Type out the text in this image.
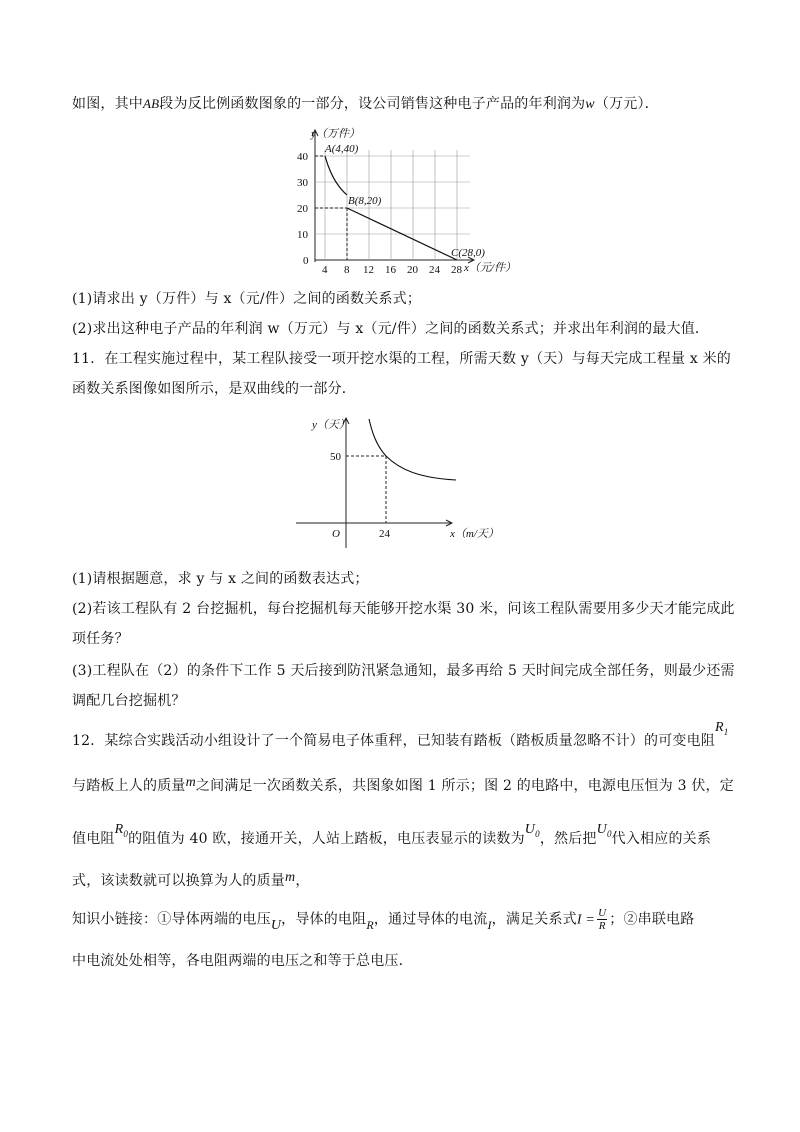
如图，其中AB段为反比例函数图象的一部分，设公司销售这种电子产品的年利润为w（万元）．
y（万件）
x（元/件）
0
40
30
20
10
4 8 12 16 20 24 28
A(4,40)
B(8,20)
C(28,0)
y（天）
50
O	24	x（m/天）
(1)请求出 y（万件）与 x（元/件）之间的函数关系式；
(2)求出这种电子产品的年利润 w（万元）与 x（元/件）之间的函数关系式；并求出年利润的最大值．
11．在工程实施过程中，某工程队接受一项开挖水渠的工程，所需天数 y（天）与每天完成工程量 x 米的
函数关系图像如图所示，是双曲线的一部分．
(1)请根据题意，求 y 与 x 之间的函数表达式；
(2)若该工程队有 2 台挖掘机，每台挖掘机每天能够开挖水渠 30 米，问该工程队需要用多少天才能完成此
项任务？
(3)工程队在（2）的条件下工作 5 天后接到防汛紧急通知，最多再给 5 天时间完成全部任务，则最少还需
调配几台挖掘机？
12．某综合实践活动小组设计了一个简易电子体重秤，已知装有踏板（踏板质量忽略不计）的可变电阻$R_1$
与踏板上人的质量m之间满足一次函数关系，共图象如图 1 所示；图 2 的电路中，电源电压恒为 3 伏，定
值电阻$R_0$的阻值为 40 欧，接通开关，人站上踏板，电压表显示的读数为$U_0$，然后把$U_0$代入相应的关系
式，该读数就可以换算为人的质量m，
知识小链接：①导体两端的电压U，导体的电阻R，通过导体的电流I，满足关系式$I = \frac{U}{R}$ ；②串联电路
中电流处处相等，各电阻两端的电压之和等于总电压．
